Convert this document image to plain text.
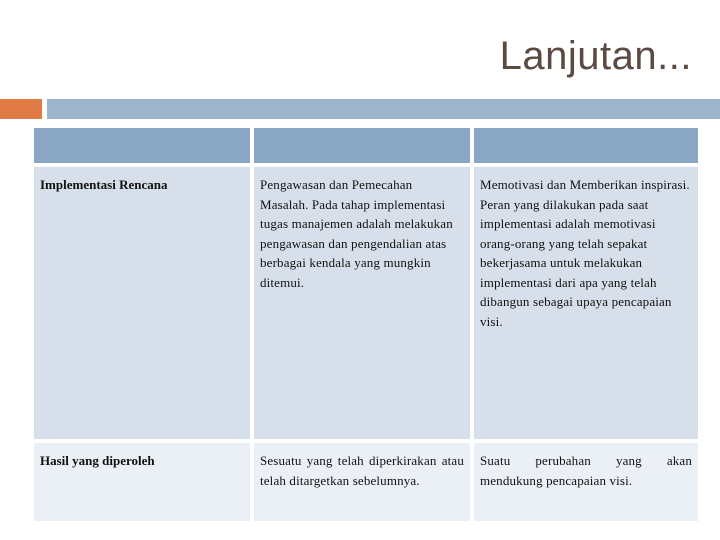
Lanjutan...

Implementasi Rencana	Pengawasan dan Pemecahan Masalah. Pada tahap implementasi tugas manajemen adalah melakukan pengawasan dan pengendalian atas berbagai kendala yang mungkin ditemui.	Memotivasi dan Memberikan inspirasi. Peran yang dilakukan pada saat implementasi adalah memotivasi orang-orang yang telah sepakat bekerjasama untuk melakukan implementasi dari apa yang telah dibangun sebagai upaya pencapaian visi.
Hasil yang diperoleh	Sesuatu yang telah diperkirakan atau telah ditargetkan sebelumnya.	Suatu perubahan yang akan mendukung pencapaian visi.
